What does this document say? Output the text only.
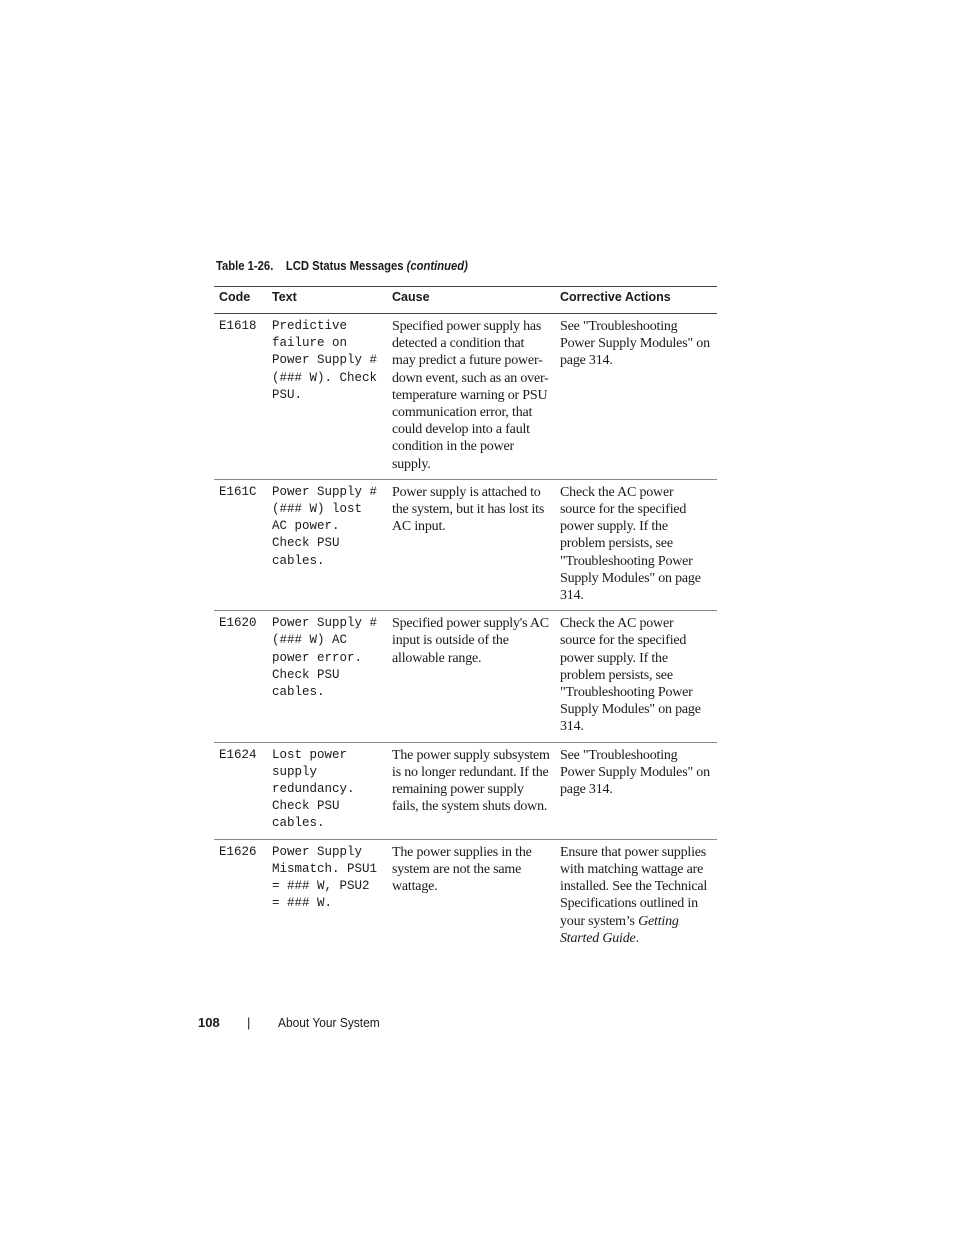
Table 1-26. LCD Status Messages (continued)
Code	Text	Cause	Corrective Actions
E1618	Predictive failure on Power Supply # (### W). Check PSU.	Specified power supply has detected a condition that may predict a future power-down event, such as an over-temperature warning or PSU communication error, that could develop into a fault condition in the power supply.	See "Troubleshooting Power Supply Modules" on page 314.
E161C	Power Supply # (### W) lost AC power. Check PSU cables.	Power supply is attached to the system, but it has lost its AC input.	Check the AC power source for the specified power supply. If the problem persists, see "Troubleshooting Power Supply Modules" on page 314.
E1620	Power Supply # (### W) AC power error. Check PSU cables.	Specified power supply's AC input is outside of the allowable range.	Check the AC power source for the specified power supply. If the problem persists, see "Troubleshooting Power Supply Modules" on page 314.
E1624	Lost power supply redundancy. Check PSU cables.	The power supply subsystem is no longer redundant. If the remaining power supply fails, the system shuts down.	See "Troubleshooting Power Supply Modules" on page 314.
E1626	Power Supply Mismatch. PSU1 = ### W, PSU2 = ### W.	The power supplies in the system are not the same wattage.	Ensure that power supplies with matching wattage are installed. See the Technical Specifications outlined in your system’s Getting Started Guide.
108 | About Your System
